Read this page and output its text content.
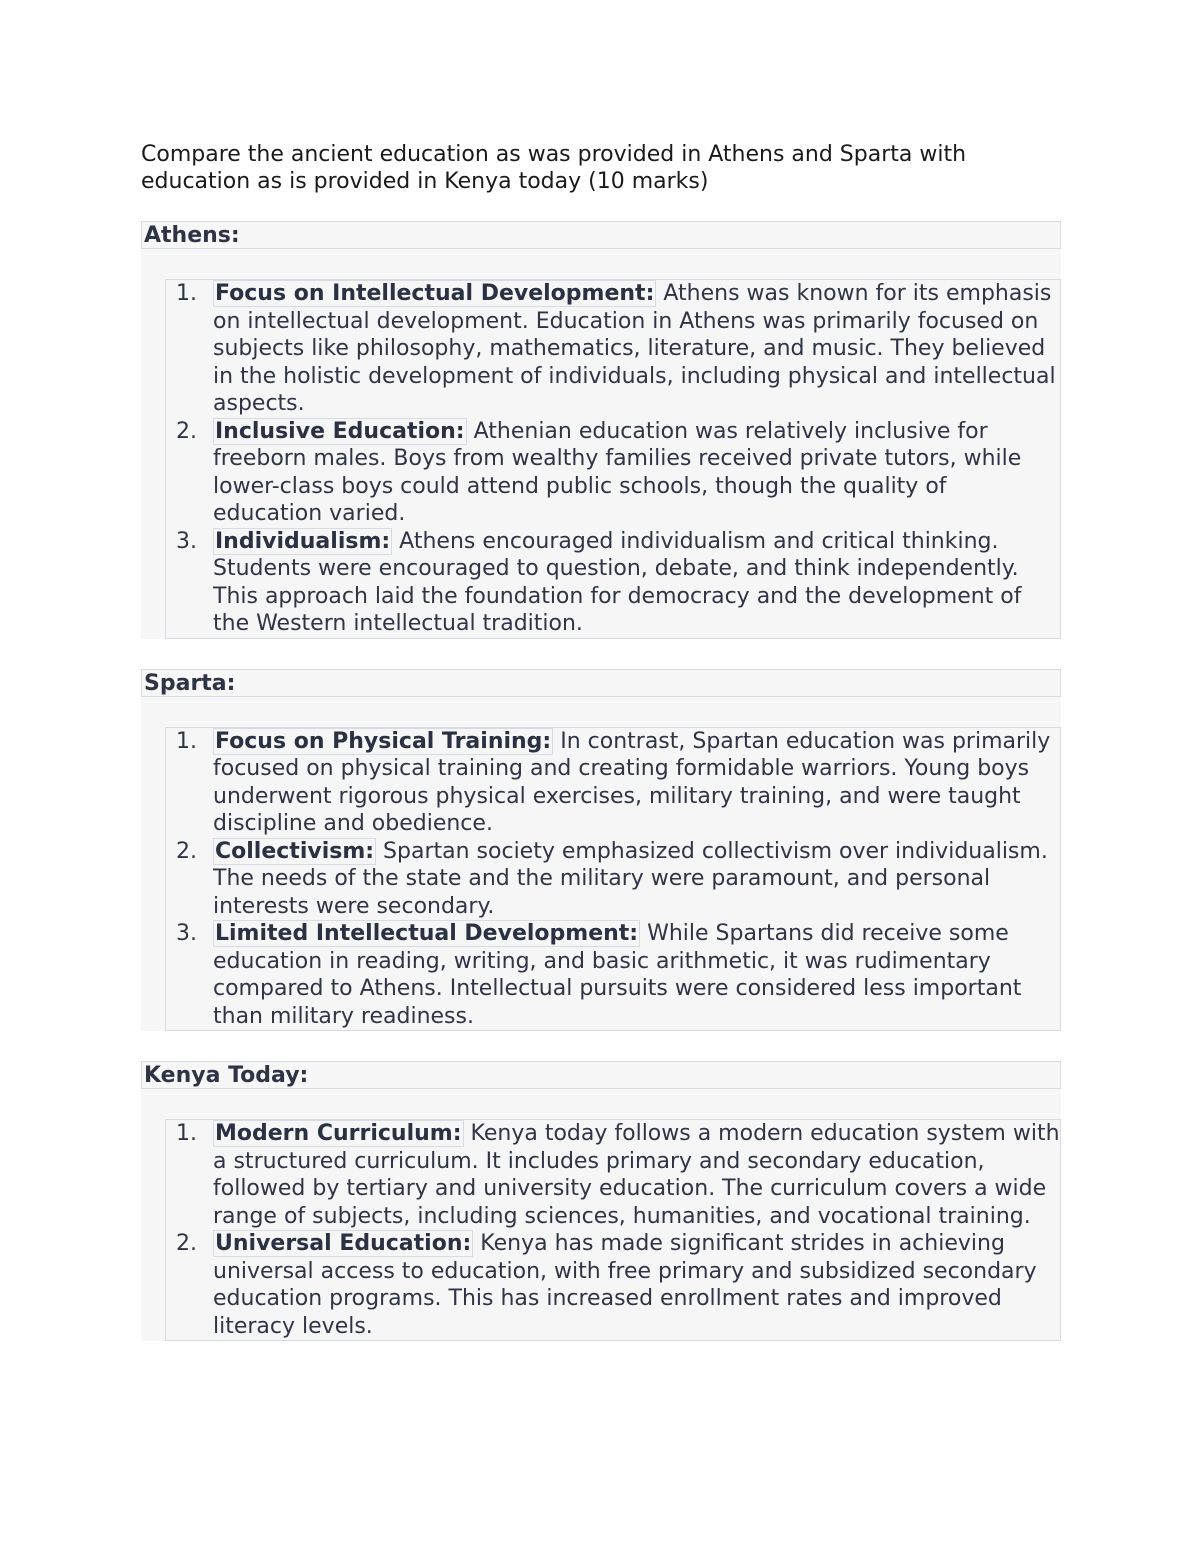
Compare the ancient education as was provided in Athens and Sparta with education as is provided in Kenya today (10 marks)

Athens:
1. Focus on Intellectual Development: Athens was known for its emphasis on intellectual development. Education in Athens was primarily focused on subjects like philosophy, mathematics, literature, and music. They believed in the holistic development of individuals, including physical and intellectual aspects.
2. Inclusive Education: Athenian education was relatively inclusive for freeborn males. Boys from wealthy families received private tutors, while lower-class boys could attend public schools, though the quality of education varied.
3. Individualism: Athens encouraged individualism and critical thinking. Students were encouraged to question, debate, and think independently. This approach laid the foundation for democracy and the development of the Western intellectual tradition.
Sparta:
1. Focus on Physical Training: In contrast, Spartan education was primarily focused on physical training and creating formidable warriors. Young boys underwent rigorous physical exercises, military training, and were taught discipline and obedience.
2. Collectivism: Spartan society emphasized collectivism over individualism. The needs of the state and the military were paramount, and personal interests were secondary.
3. Limited Intellectual Development: While Spartans did receive some education in reading, writing, and basic arithmetic, it was rudimentary compared to Athens. Intellectual pursuits were considered less important than military readiness.
Kenya Today:
1. Modern Curriculum: Kenya today follows a modern education system with a structured curriculum. It includes primary and secondary education, followed by tertiary and university education. The curriculum covers a wide range of subjects, including sciences, humanities, and vocational training.
2. Universal Education: Kenya has made significant strides in achieving universal access to education, with free primary and subsidized secondary education programs. This has increased enrollment rates and improved literacy levels.
